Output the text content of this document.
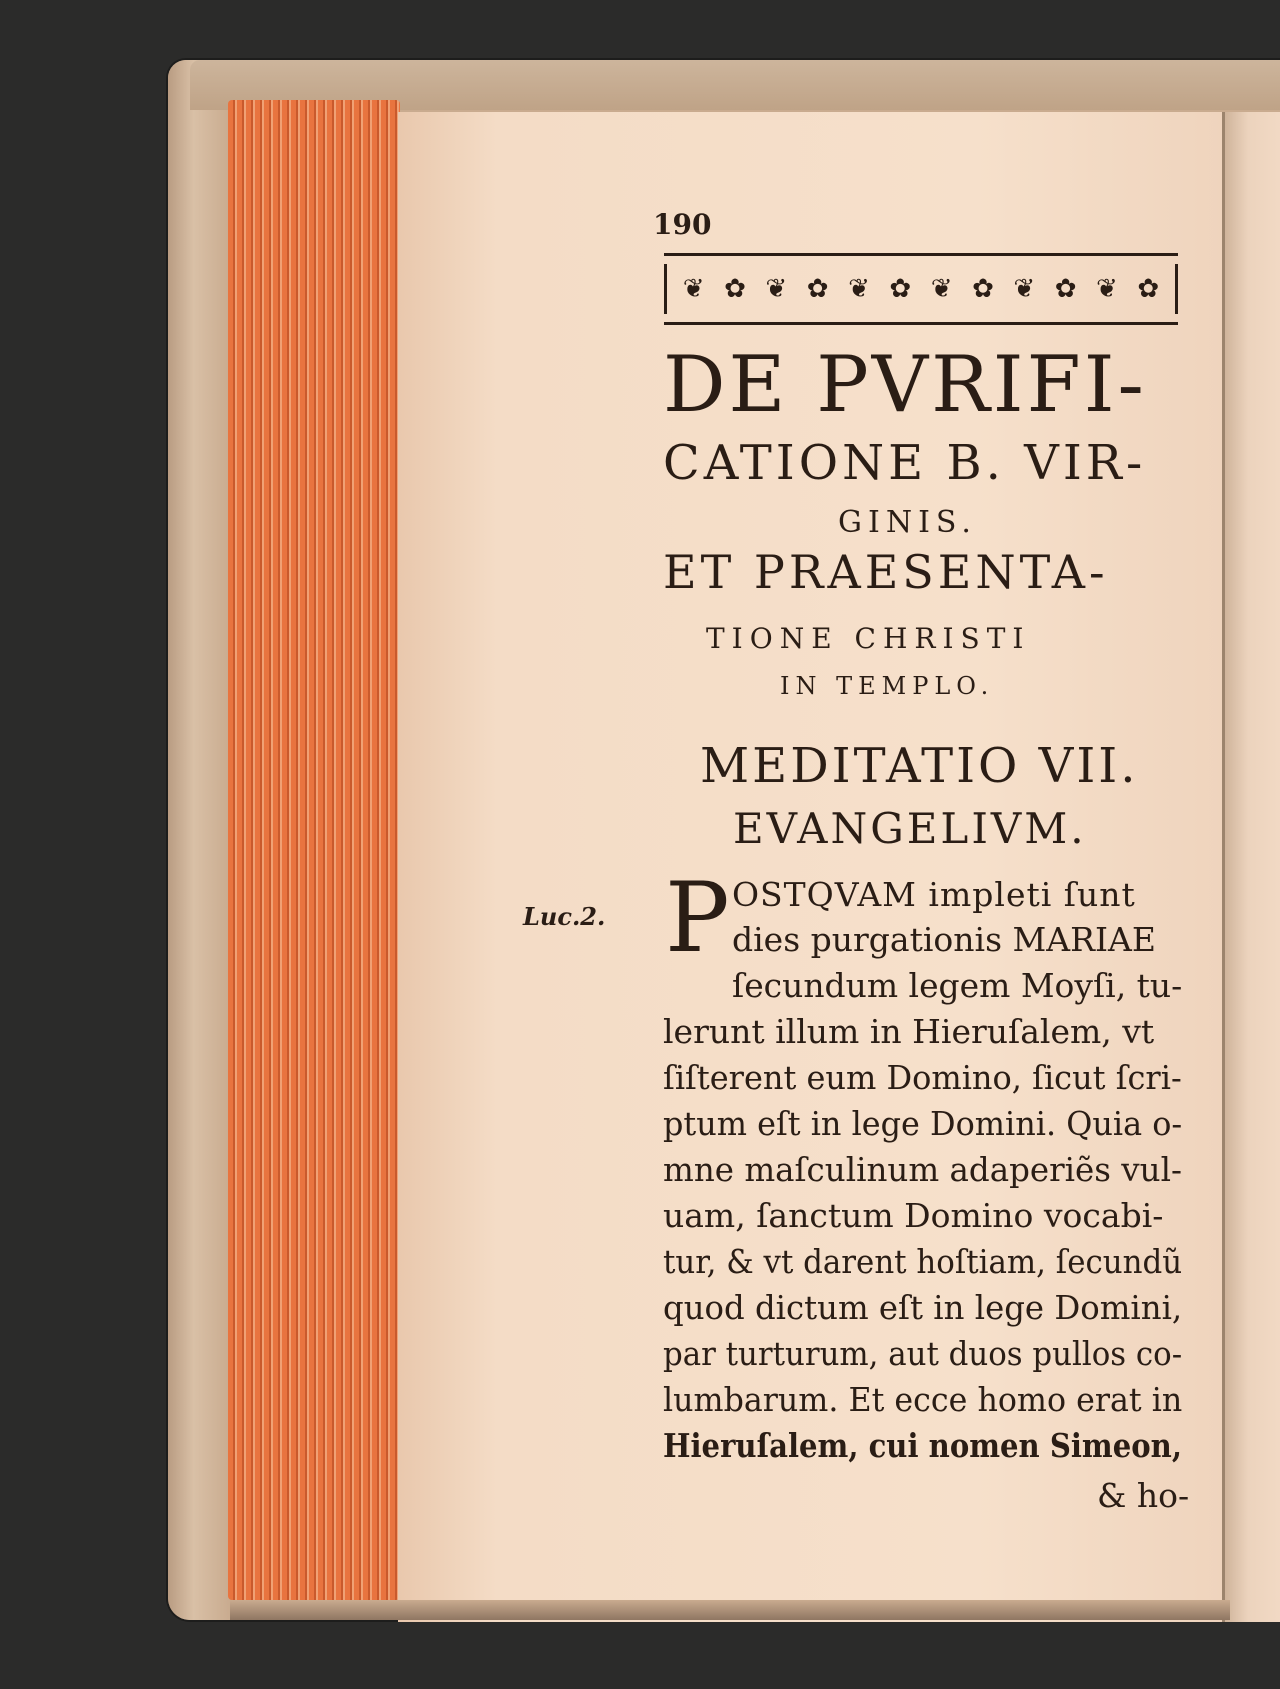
190
❦ ✿ ❦ ✿ ❦ ✿ ❦ ✿ ❦ ✿ ❦ ✿
DE PVRIFI-
CATIONE B. VIR-
GINIS.
ET PRAESENTA-
TIONE CHRISTI
IN TEMPLO.
MEDITATIO VII.
EVANGELIVM.
Luc.2. P OSTQVAM impleti ſunt
dies purgationis MARIAE
ſecundum legem Moyſi, tu-
lerunt illum in Hieruſalem, vt
ſiſterent eum Domino, ſicut ſcri-
ptum eſt in lege Domini. Quia o-
mne maſculinum adaperiẽs vul-
uam, ſanctum Domino vocabi-
tur, & vt darent hoſtiam, ſecundũ
quod dictum eſt in lege Domini,
par turturum, aut duos pullos co-
lumbarum. Et ecce homo erat in
Hieruſalem, cui nomen Simeon,
& ho-
